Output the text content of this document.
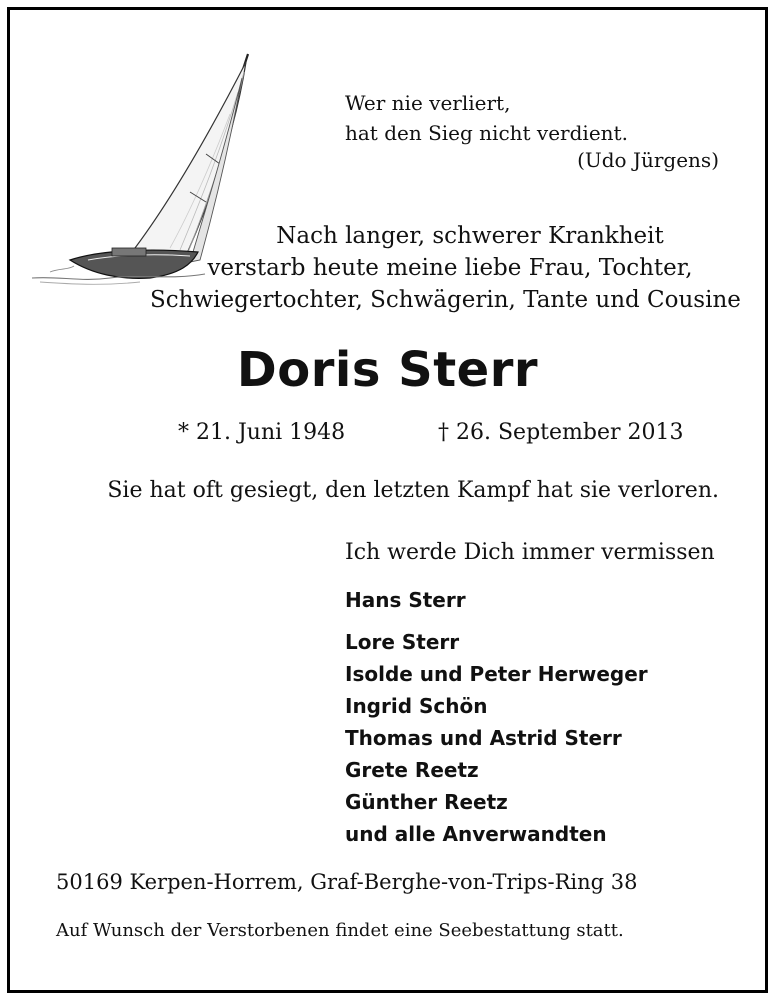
Wer nie verliert,
hat den Sieg nicht verdient.
(Udo Jürgens)
Nach langer, schwerer Krankheit
verstarb heute meine liebe Frau, Tochter,
Schwiegertochter, Schwägerin, Tante und Cousine
Doris Sterr
* 21. Juni 1948	† 26. September 2013
Sie hat oft gesiegt, den letzten Kampf hat sie verloren.
Ich werde Dich immer vermissen
Hans Sterr
Lore Sterr
Isolde und Peter Herweger
Ingrid Schön
Thomas und Astrid Sterr
Grete Reetz
Günther Reetz
und alle Anverwandten
50169 Kerpen-Horrem, Graf-Berghe-von-Trips-Ring 38
Auf Wunsch der Verstorbenen findet eine Seebestattung statt.
